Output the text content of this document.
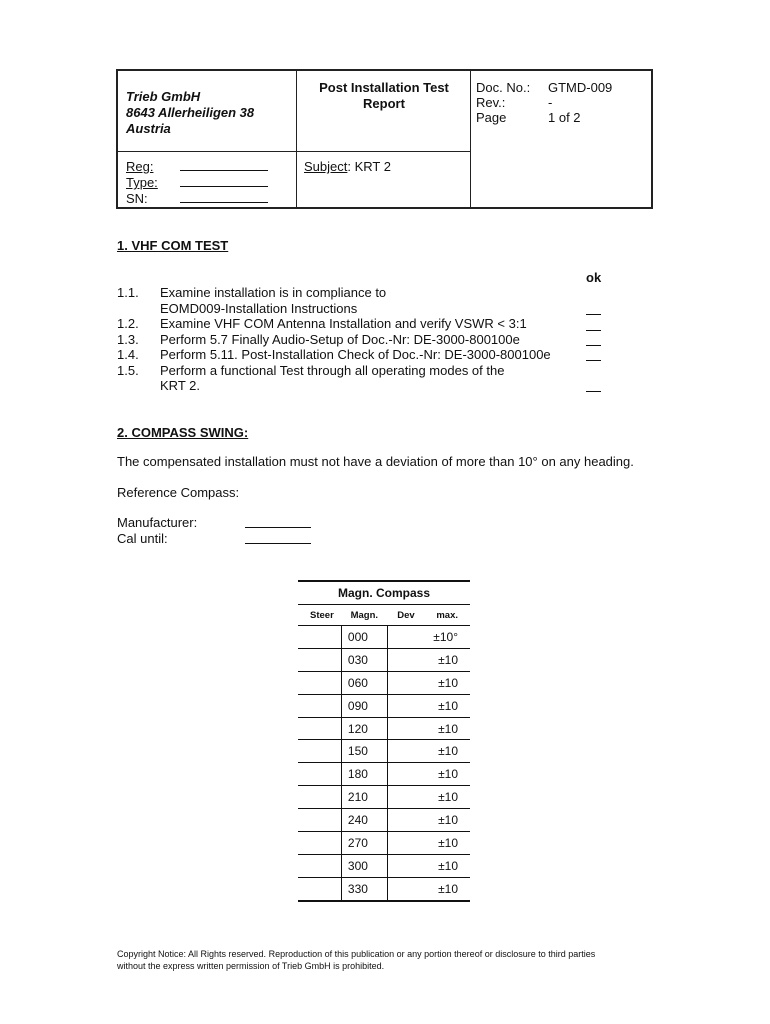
Trieb GmbH
8643 Allerheiligen 38
Austria
Post Installation Test
Report
Doc. No.:	GTMD-009
Rev.:	-
Page	1 of 2
Reg:
Type:
SN:
Subject: KRT 2
1. VHF COM TEST
ok
1.1.	Examine installation is in compliance to
EOMD009-Installation Instructions
1.2.	Examine VHF COM Antenna Installation and verify VSWR < 3:1
1.3.	Perform 5.7 Finally Audio-Setup of Doc.-Nr: DE-3000-800100e
1.4.	Perform 5.11. Post-Installation Check of Doc.-Nr: DE-3000-800100e
1.5.	Perform a functional Test through all operating modes of the
KRT 2.
2. COMPASS SWING:
The compensated installation must not have a deviation of more than 10° on any heading.
Reference Compass:
Manufacturer:
Cal until:
Magn. Compass		
Steer	Magn.	Dev max.

	000	±10°
	030	±10
	060	±10
	090	±10
	120	±10
	150	±10
	180	±10
	210	±10
	240	±10
	270	±10
	300	±10
	330	±10
Copyright Notice: All Rights reserved. Reproduction of this publication or any portion thereof or disclosure to third parties
without the express written permission of Trieb GmbH is prohibited.
